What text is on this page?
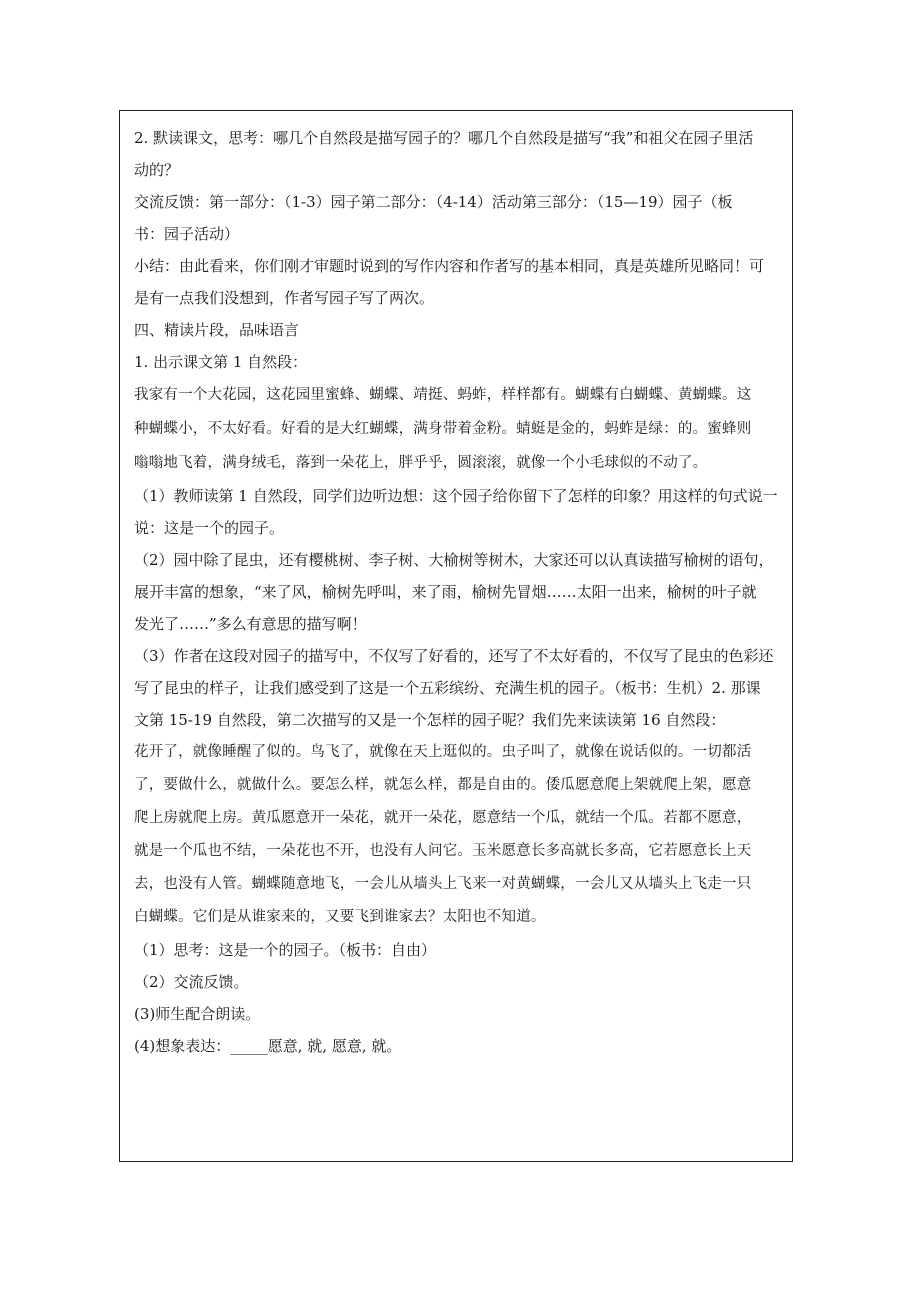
2. 默读课文，思考：哪几个自然段是描写园子的？哪几个自然段是描写“我”和祖父在园子里活
动的？
交流反馈：第一部分：（1-3）园子第二部分：（4-14）活动第三部分：（15—19）园子（板
书：园子活动）
小结：由此看来，你们刚才审题时说到的写作内容和作者写的基本相同，真是英雄所见略同！可
是有一点我们没想到，作者写园子写了两次。
四、精读片段，品味语言
1. 出示课文第 1 自然段：
我家有一个大花园，这花园里蜜蜂、蝴蝶、靖挺、蚂蚱，样样都有。蝴蝶有白蝴蝶、黄蝴蝶。这
种蝴蝶小，不太好看。好看的是大红蝴蝶，满身带着金粉。蜻蜓是金的，蚂蚱是绿：的。蜜蜂则
嗡嗡地飞着，满身绒毛，落到一朵花上，胖乎乎，圆滚滚，就像一个小毛球似的不动了。
（1）教师读第 1 自然段，同学们边听边想：这个园子给你留下了怎样的印象？用这样的句式说一
说：这是一个的园子。
（2）园中除了昆虫，还有樱桃树、李子树、大榆树等树木，大家还可以认真读描写榆树的语句，
展开丰富的想象，“来了风，榆树先呼叫，来了雨，榆树先冒烟……太阳一出来，榆树的叶子就
发光了……”多么有意思的描写啊！
（3）作者在这段对园子的描写中，不仅写了好看的，还写了不太好看的，不仅写了昆虫的色彩还
写了昆虫的样子，让我们感受到了这是一个五彩缤纷、充满生机的园子。（板书：生机）2. 那课
文第 15-19 自然段，第二次描写的又是一个怎样的园子呢？我们先来读读第 16 自然段：
花开了，就像睡醒了似的。鸟飞了，就像在天上逛似的。虫子叫了，就像在说话似的。一切都活
了，要做什么，就做什么。要怎么样，就怎么样，都是自由的。倭瓜愿意爬上架就爬上架，愿意
爬上房就爬上房。黄瓜愿意开一朵花，就开一朵花，愿意结一个瓜，就结一个瓜。若都不愿意，
就是一个瓜也不结，一朵花也不开，也没有人问它。玉米愿意长多高就长多高，它若愿意长上天
去，也没有人管。蝴蝶随意地飞，一会儿从墙头上飞来一对黄蝴蝶，一会儿又从墙头上飞走一只
白蝴蝶。它们是从谁家来的，又要飞到谁家去？太阳也不知道。
（1）思考：这是一个的园子。（板书：自由）
（2）交流反馈。
(3)师生配合朗读。
(4)想象表达：_____愿意, 就, 愿意, 就。
